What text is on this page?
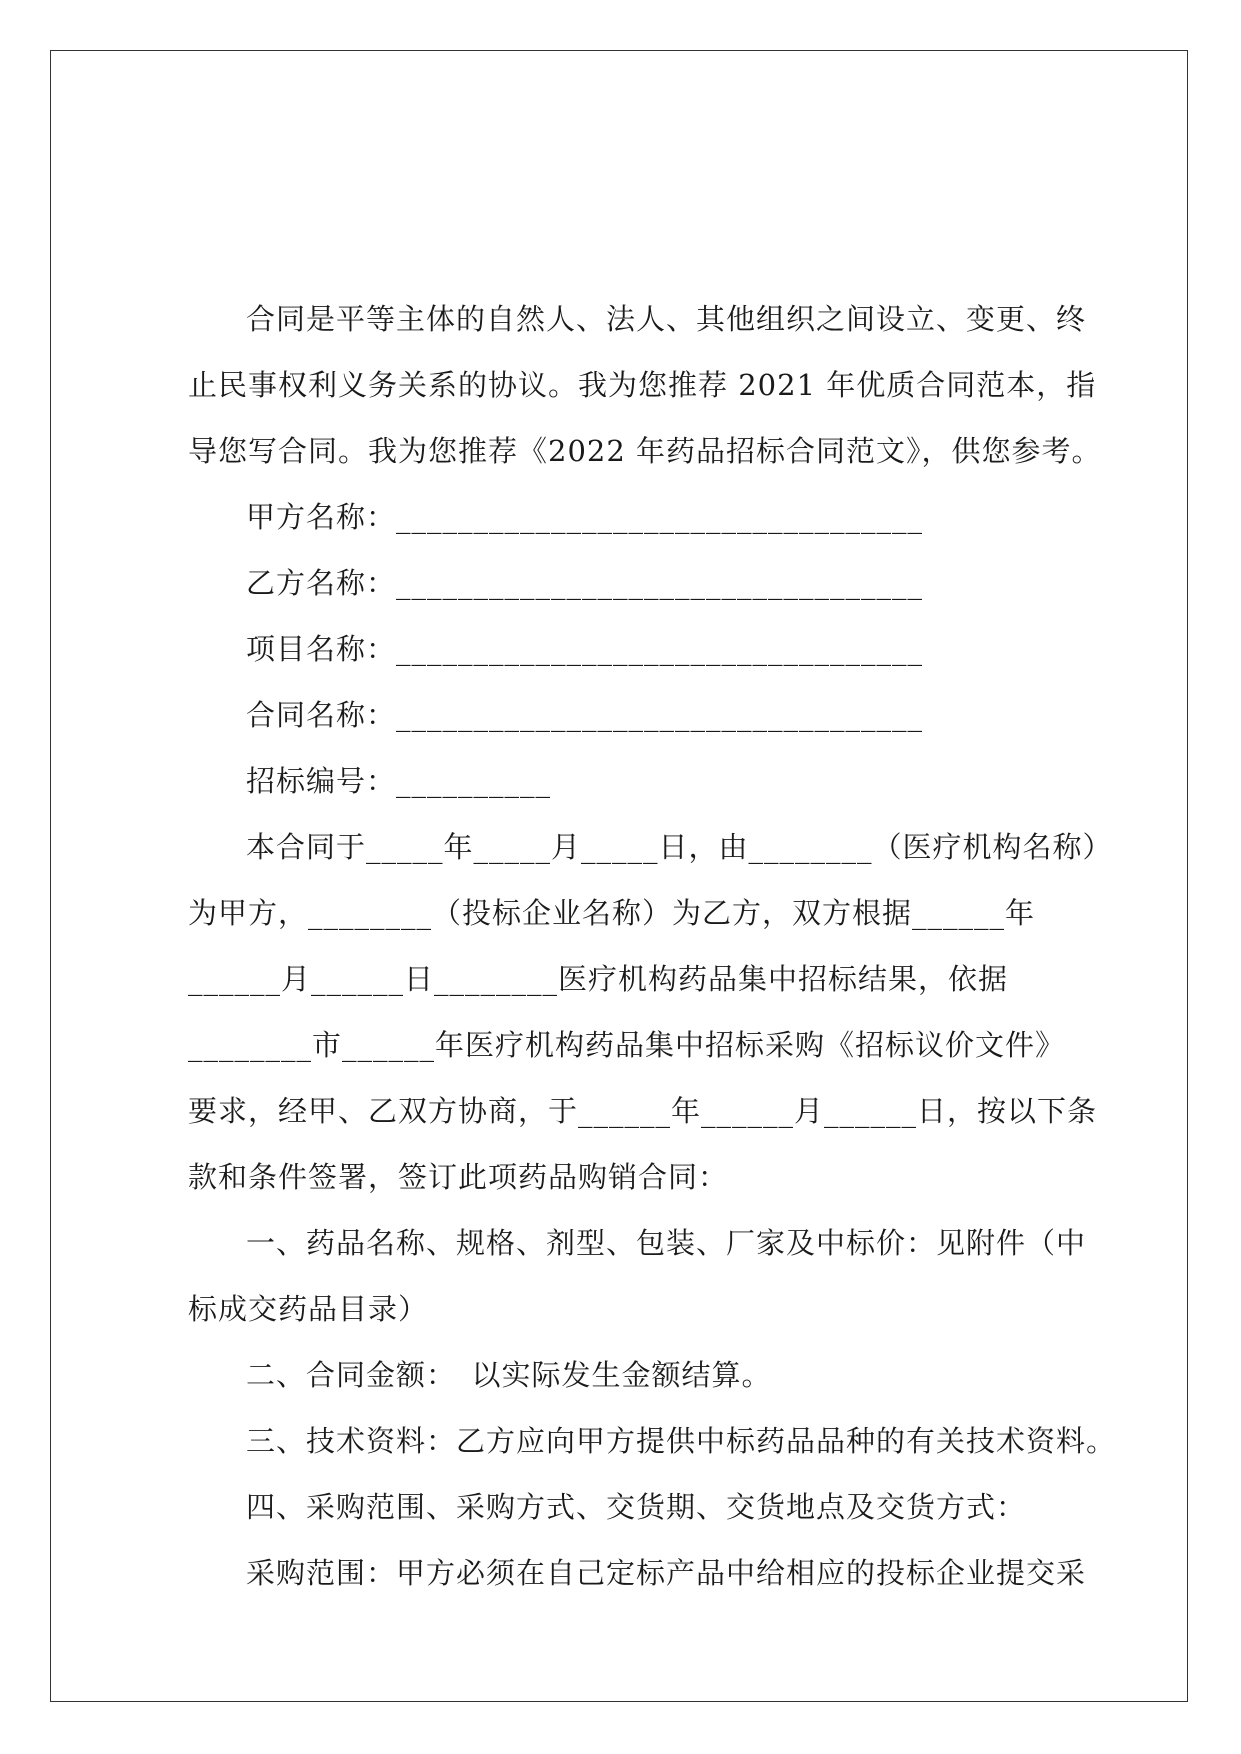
合同是平等主体的自然人、法人、其他组织之间设立、变更、终
止民事权利义务关系的协议。我为您推荐 2021 年优质合同范本，指
导您写合同。我为您推荐《2022 年药品招标合同范文》，供您参考。
甲方名称：__________________________________
乙方名称：__________________________________
项目名称：__________________________________
合同名称：__________________________________
招标编号：__________
本合同于_____年_____月_____日，由________（医疗机构名称）
为甲方，________（投标企业名称）为乙方，双方根据______年
______月______日________医疗机构药品集中招标结果，依据
________市______年医疗机构药品集中招标采购《招标议价文件》
要求，经甲、乙双方协商，于______年______月______日，按以下条
款和条件签署，签订此项药品购销合同：
一、药品名称、规格、剂型、包装、厂家及中标价：见附件（中
标成交药品目录）
二、合同金额：　以实际发生金额结算。
三、技术资料：乙方应向甲方提供中标药品品种的有关技术资料。
四、采购范围、采购方式、交货期、交货地点及交货方式：
采购范围：甲方必须在自己定标产品中给相应的投标企业提交采
